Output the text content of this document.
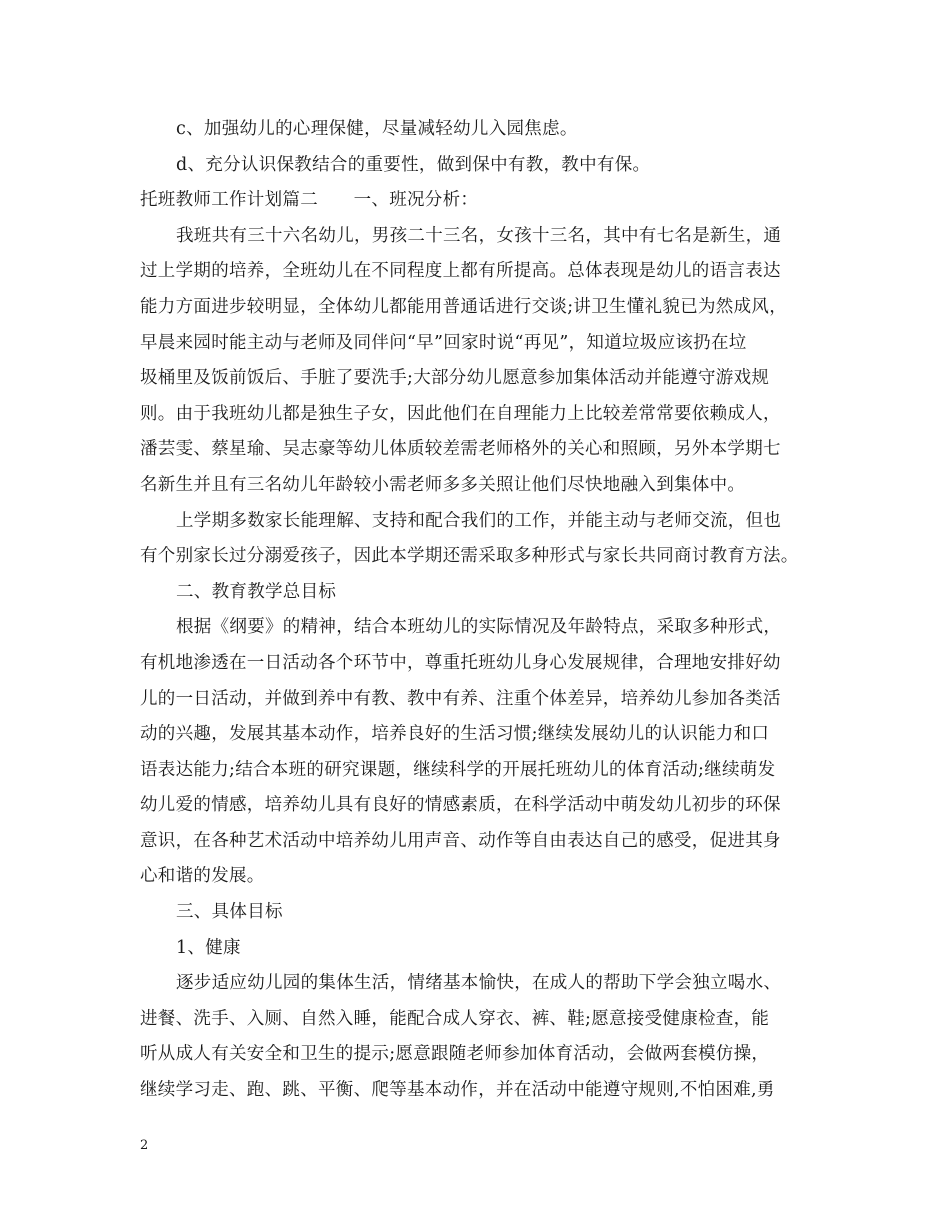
c、加强幼儿的心理保健，尽量减轻幼儿入园焦虑。
d、充分认识保教结合的重要性，做到保中有教，教中有保。
托班教师工作计划篇二　　一、班况分析：
我班共有三十六名幼儿，男孩二十三名，女孩十三名，其中有七名是新生，通
过上学期的培养，全班幼儿在不同程度上都有所提高。总体表现是幼儿的语言表达
能力方面进步较明显，全体幼儿都能用普通话进行交谈;讲卫生懂礼貌已为然成风，
早晨来园时能主动与老师及同伴问“早”回家时说“再见”，知道垃圾应该扔在垃
圾桶里及饭前饭后、手脏了要洗手;大部分幼儿愿意参加集体活动并能遵守游戏规
则。由于我班幼儿都是独生子女，因此他们在自理能力上比较差常常要依赖成人，
潘芸雯、蔡星瑜、吴志豪等幼儿体质较差需老师格外的关心和照顾，另外本学期七
名新生并且有三名幼儿年龄较小需老师多多关照让他们尽快地融入到集体中。
上学期多数家长能理解、支持和配合我们的工作，并能主动与老师交流，但也
有个别家长过分溺爱孩子，因此本学期还需采取多种形式与家长共同商讨教育方法。
二、教育教学总目标
根据《纲要》的精神，结合本班幼儿的实际情况及年龄特点，采取多种形式，
有机地渗透在一日活动各个环节中，尊重托班幼儿身心发展规律，合理地安排好幼
儿的一日活动，并做到养中有教、教中有养、注重个体差异，培养幼儿参加各类活
动的兴趣，发展其基本动作，培养良好的生活习惯;继续发展幼儿的认识能力和口
语表达能力;结合本班的研究课题，继续科学的开展托班幼儿的体育活动;继续萌发
幼儿爱的情感，培养幼儿具有良好的情感素质，在科学活动中萌发幼儿初步的环保
意识，在各种艺术活动中培养幼儿用声音、动作等自由表达自己的感受，促进其身
心和谐的发展。
三、具体目标
1、健康
逐步适应幼儿园的集体生活，情绪基本愉快，在成人的帮助下学会独立喝水、
进餐、洗手、入厕、自然入睡，能配合成人穿衣、裤、鞋;愿意接受健康检查，能
听从成人有关安全和卫生的提示;愿意跟随老师参加体育活动，会做两套模仿操，
继续学习走、跑、跳、平衡、爬等基本动作，并在活动中能遵守规则,不怕困难,勇
2
